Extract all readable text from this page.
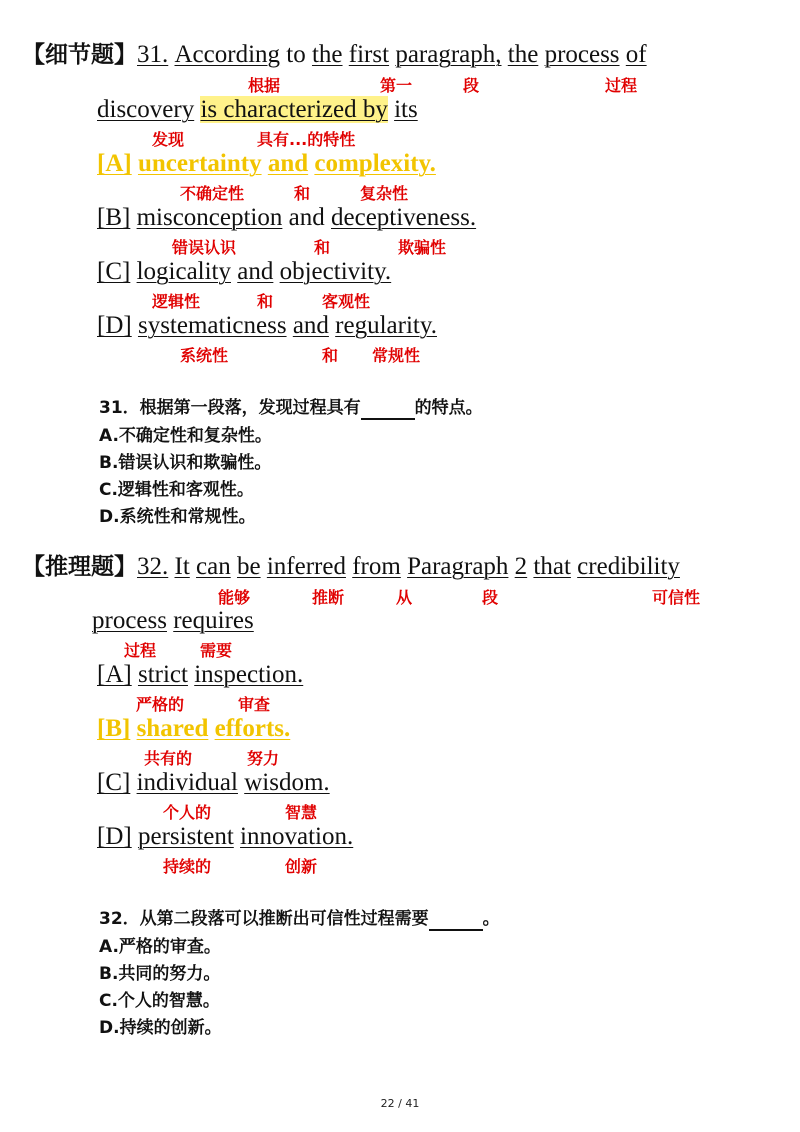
【细节题】31. According to the first paragraph, the process of
根据	第一	段	过程
discovery is characterized by its
发现	具有...的特性
[A] uncertainty and complexity.
不确定性	和	复杂性
[B] misconception and deceptiveness.
错误认识	和	欺骗性
[C] logicality and objectivity.
逻辑性	和	客观性
[D] systematicness and regularity.
系统性	和 常规性
31．根据第一段落，发现过程具有	的特点。
A.不确定性和复杂性。
B.错误认识和欺骗性。
C.逻辑性和客观性。
D.系统性和常规性。
【推理题】32. It can be inferred from Paragraph 2 that credibility
能够	推断	从	段	可信性
process requires
过程	需要
[A] strict inspection.
严格的	审查
[B] shared efforts.
共有的	努力
[C] individual wisdom.
个人的	智慧
[D] persistent innovation.
持续的	创新
32．从第二段落可以推断出可信性过程需要	。
A.严格的审查。
B.共同的努力。
C.个人的智慧。
D.持续的创新。
22 / 41
